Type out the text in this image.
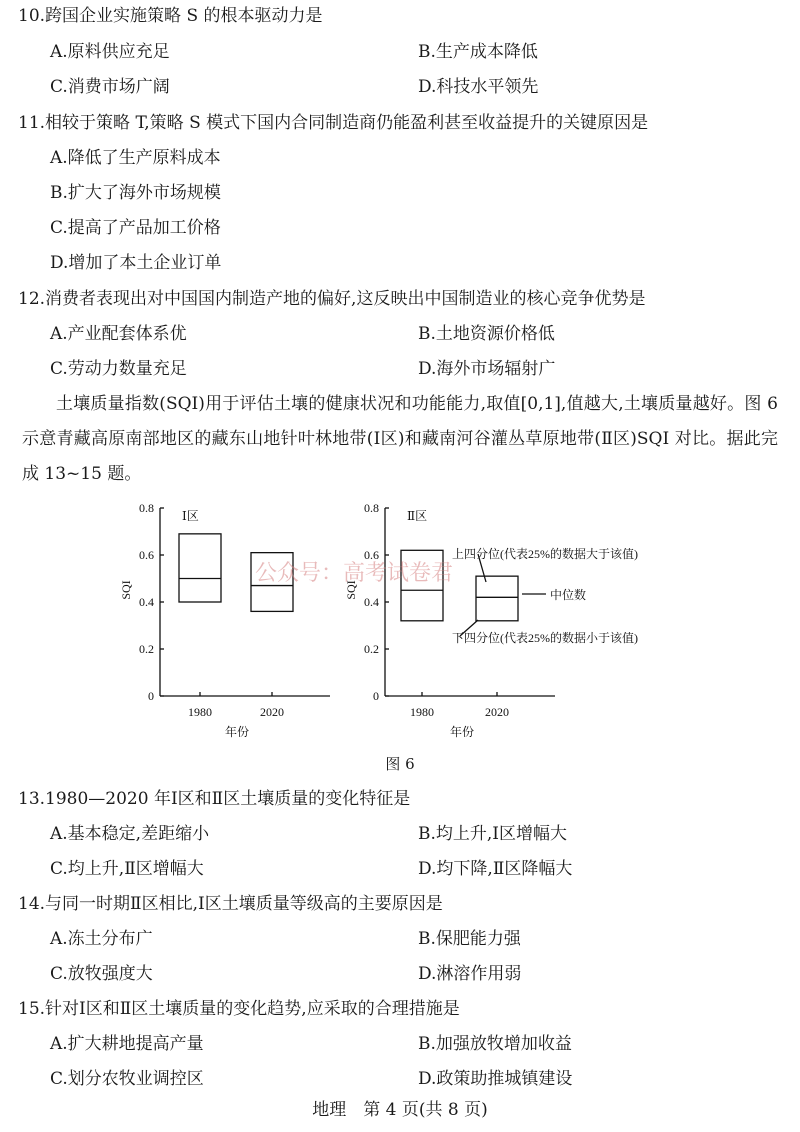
10.跨国企业实施策略 S 的根本驱动力是
A.原料供应充足	B.生产成本降低
C.消费市场广阔	D.科技水平领先
11.相较于策略 T,策略 S 模式下国内合同制造商仍能盈利甚至收益提升的关键原因是
A.降低了生产原料成本
B.扩大了海外市场规模
C.提高了产品加工价格
D.增加了本土企业订单
12.消费者表现出对中国国内制造产地的偏好,这反映出中国制造业的核心竞争优势是
A.产业配套体系优	B.土地资源价格低
C.劳动力数量充足	D.海外市场辐射广
土壤质量指数(SQI)用于评估土壤的健康状况和功能能力,取值[0,1],值越大,土壤质量越好。图 6 示意青藏高原南部地区的藏东山地针叶林地带(Ⅰ区)和藏南河谷灌丛草原地带(Ⅱ区)SQI 对比。据此完成 13~15 题。
0
0.2
0.4
0.6
0.8
1980	2020
Ⅰ区
SQI
年份
0
0.2
0.4
0.6
0.8
1980	2020
Ⅱ区
SQI
年份
上四分位(代表25%的数据大于该值)
中位数
下四分位(代表25%的数据小于该值)
公众号：高考试卷君
图 6
13.1980—2020 年Ⅰ区和Ⅱ区土壤质量的变化特征是
A.基本稳定,差距缩小	B.均上升,Ⅰ区增幅大
C.均上升,Ⅱ区增幅大	D.均下降,Ⅱ区降幅大
14.与同一时期Ⅱ区相比,Ⅰ区土壤质量等级高的主要原因是
A.冻土分布广	B.保肥能力强
C.放牧强度大	D.淋溶作用弱
15.针对Ⅰ区和Ⅱ区土壤质量的变化趋势,应采取的合理措施是
A.扩大耕地提高产量	B.加强放牧增加收益
C.划分农牧业调控区	D.政策助推城镇建设
地理　第 4 页(共 8 页)
